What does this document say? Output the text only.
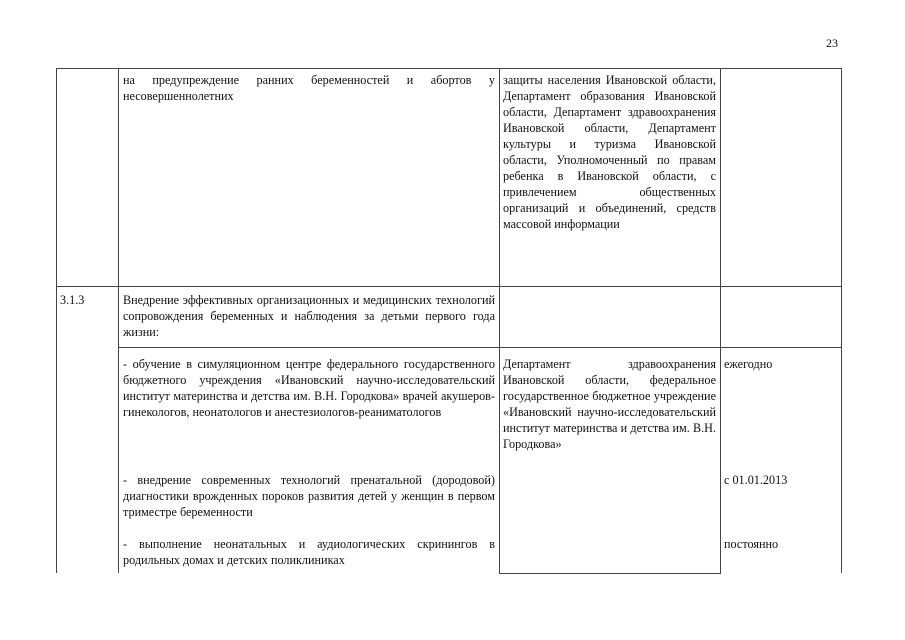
23

на предупреждение ранних беременностей и абортов у несовершеннолетних

защиты населения Ивановской области, Департамент образования Ивановской области, Департамент здравоохранения Ивановской области, Департамент культуры и туризма Ивановской области, Уполномоченный по правам ребенка в Ивановской области, с привлечением общественных организаций и объединений, средств массовой информации

3.1.3	Внедрение эффективных организационных и медицинских технологий сопровождения беременных и наблюдения за детьми первого года жизни:

- обучение в симуляционном центре федерального государственного бюджетного учреждения «Ивановский научно-исследовательский институт материнства и детства им. В.Н. Городкова» врачей акушеров-гинекологов, неонатологов и анестезиологов-реаниматологов

- внедрение современных технологий пренатальной (дородовой) диагностики врожденных пороков развития детей у женщин в первом триместре беременности

- выполнение неонатальных и аудиологических скринингов в родильных домах и детских поликлиниках

Департамент здравоохранения Ивановской области, федеральное государственное бюджетное учреждение «Ивановский научно-исследовательский институт материнства и детства им. В.Н. Городкова»

ежегодно
с 01.01.2013
постоянно
